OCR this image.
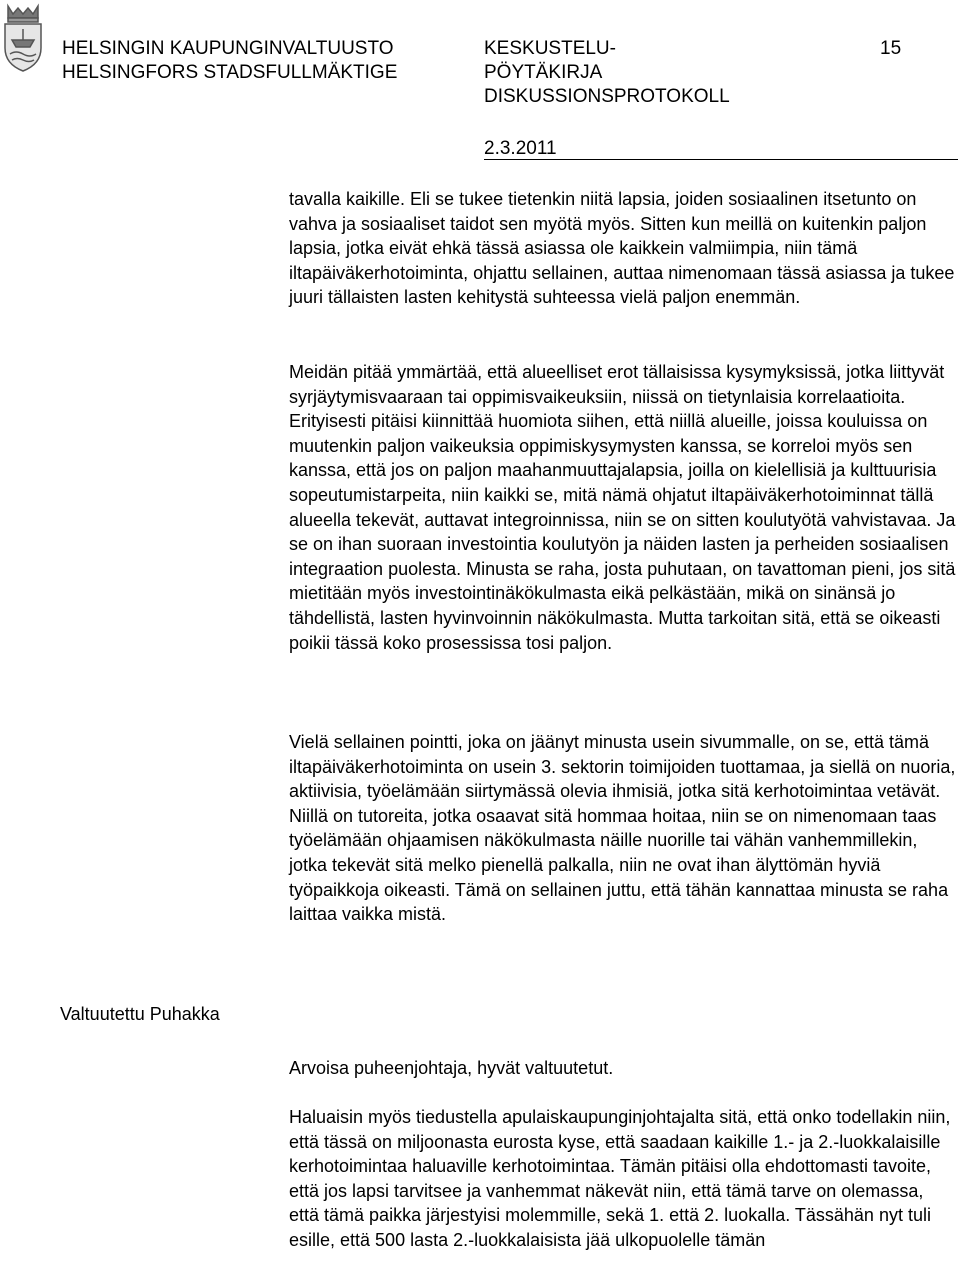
HELSINGIN KAUPUNGINVALTUUSTO
HELSINGFORS STADSFULLMÄKTIGE
KESKUSTELU-
PÖYTÄKIRJA
DISKUSSIONSPROTOKOLL
15
2.3.2011

tavalla kaikille. Eli se tukee tietenkin niitä lapsia, joiden sosiaalinen itsetunto on vahva ja sosiaaliset taidot sen myötä myös. Sitten kun meillä on kuitenkin paljon lapsia, jotka eivät ehkä tässä asiassa ole kaikkein valmiimpia, niin tämä iltapäiväkerhotoiminta, ohjattu sellainen, auttaa nimenomaan tässä asiassa ja tukee juuri tällaisten lasten kehitystä suhteessa vielä paljon enemmän.

Meidän pitää ymmärtää, että alueelliset erot tällaisissa kysymyksissä, jotka liittyvät syrjäytymisvaaraan tai oppimisvaikeuksiin, niissä on tietynlaisia korrelaatioita. Erityisesti pitäisi kiinnittää huomiota siihen, että niillä alueille, joissa kouluissa on muutenkin paljon vaikeuksia oppimiskysymysten kanssa, se korreloi myös sen kanssa, että jos on paljon maahanmuuttajalapsia, joilla on kielellisiä ja kulttuurisia sopeutumistarpeita, niin kaikki se, mitä nämä ohjatut iltapäiväkerhotoiminnat tällä alueella tekevät, auttavat integroinnissa, niin se on sitten koulutyötä vahvistavaa. Ja se on ihan suoraan investointia koulutyön ja näiden lasten ja perheiden sosiaalisen integraation puolesta. Minusta se raha, josta puhutaan, on tavattoman pieni, jos sitä mietitään myös investointinäkökulmasta eikä pelkästään, mikä on sinänsä jo tähdellistä, lasten hyvinvoinnin näkökulmasta. Mutta tarkoitan sitä, että se oikeasti poikii tässä koko prosessissa tosi paljon.

Vielä sellainen pointti, joka on jäänyt minusta usein sivummalle, on se, että tämä iltapäiväkerhotoiminta on usein 3. sektorin toimijoiden tuottamaa, ja siellä on nuoria, aktiivisia, työelämään siirtymässä olevia ihmisiä, jotka sitä kerhotoimintaa vetävät. Niillä on tutoreita, jotka osaavat sitä hommaa hoitaa, niin se on nimenomaan taas työelämään ohjaamisen näkökulmasta näille nuorille tai vähän vanhemmillekin, jotka tekevät sitä melko pienellä palkalla, niin ne ovat ihan älyttömän hyviä työpaikkoja oikeasti. Tämä on sellainen juttu, että tähän kannattaa minusta se raha laittaa vaikka mistä.

Valtuutettu Puhakka

Arvoisa puheenjohtaja, hyvät valtuutetut.

Haluaisin myös tiedustella apulaiskaupunginjohtajalta sitä, että onko todellakin niin, että tässä on miljoonasta eurosta kyse, että saadaan kaikille 1.- ja 2.-luokkalaisille kerhotoimintaa haluaville kerhotoimintaa. Tämän pitäisi olla ehdottomasti tavoite, että jos lapsi tarvitsee ja vanhemmat näkevät niin, että tämä tarve on olemassa, että tämä paikka järjestyisi molemmille, sekä 1. että 2. luokalla. Tässähän nyt tuli esille, että 500 lasta 2.-luokkalaisista jää ulkopuolelle tämän
